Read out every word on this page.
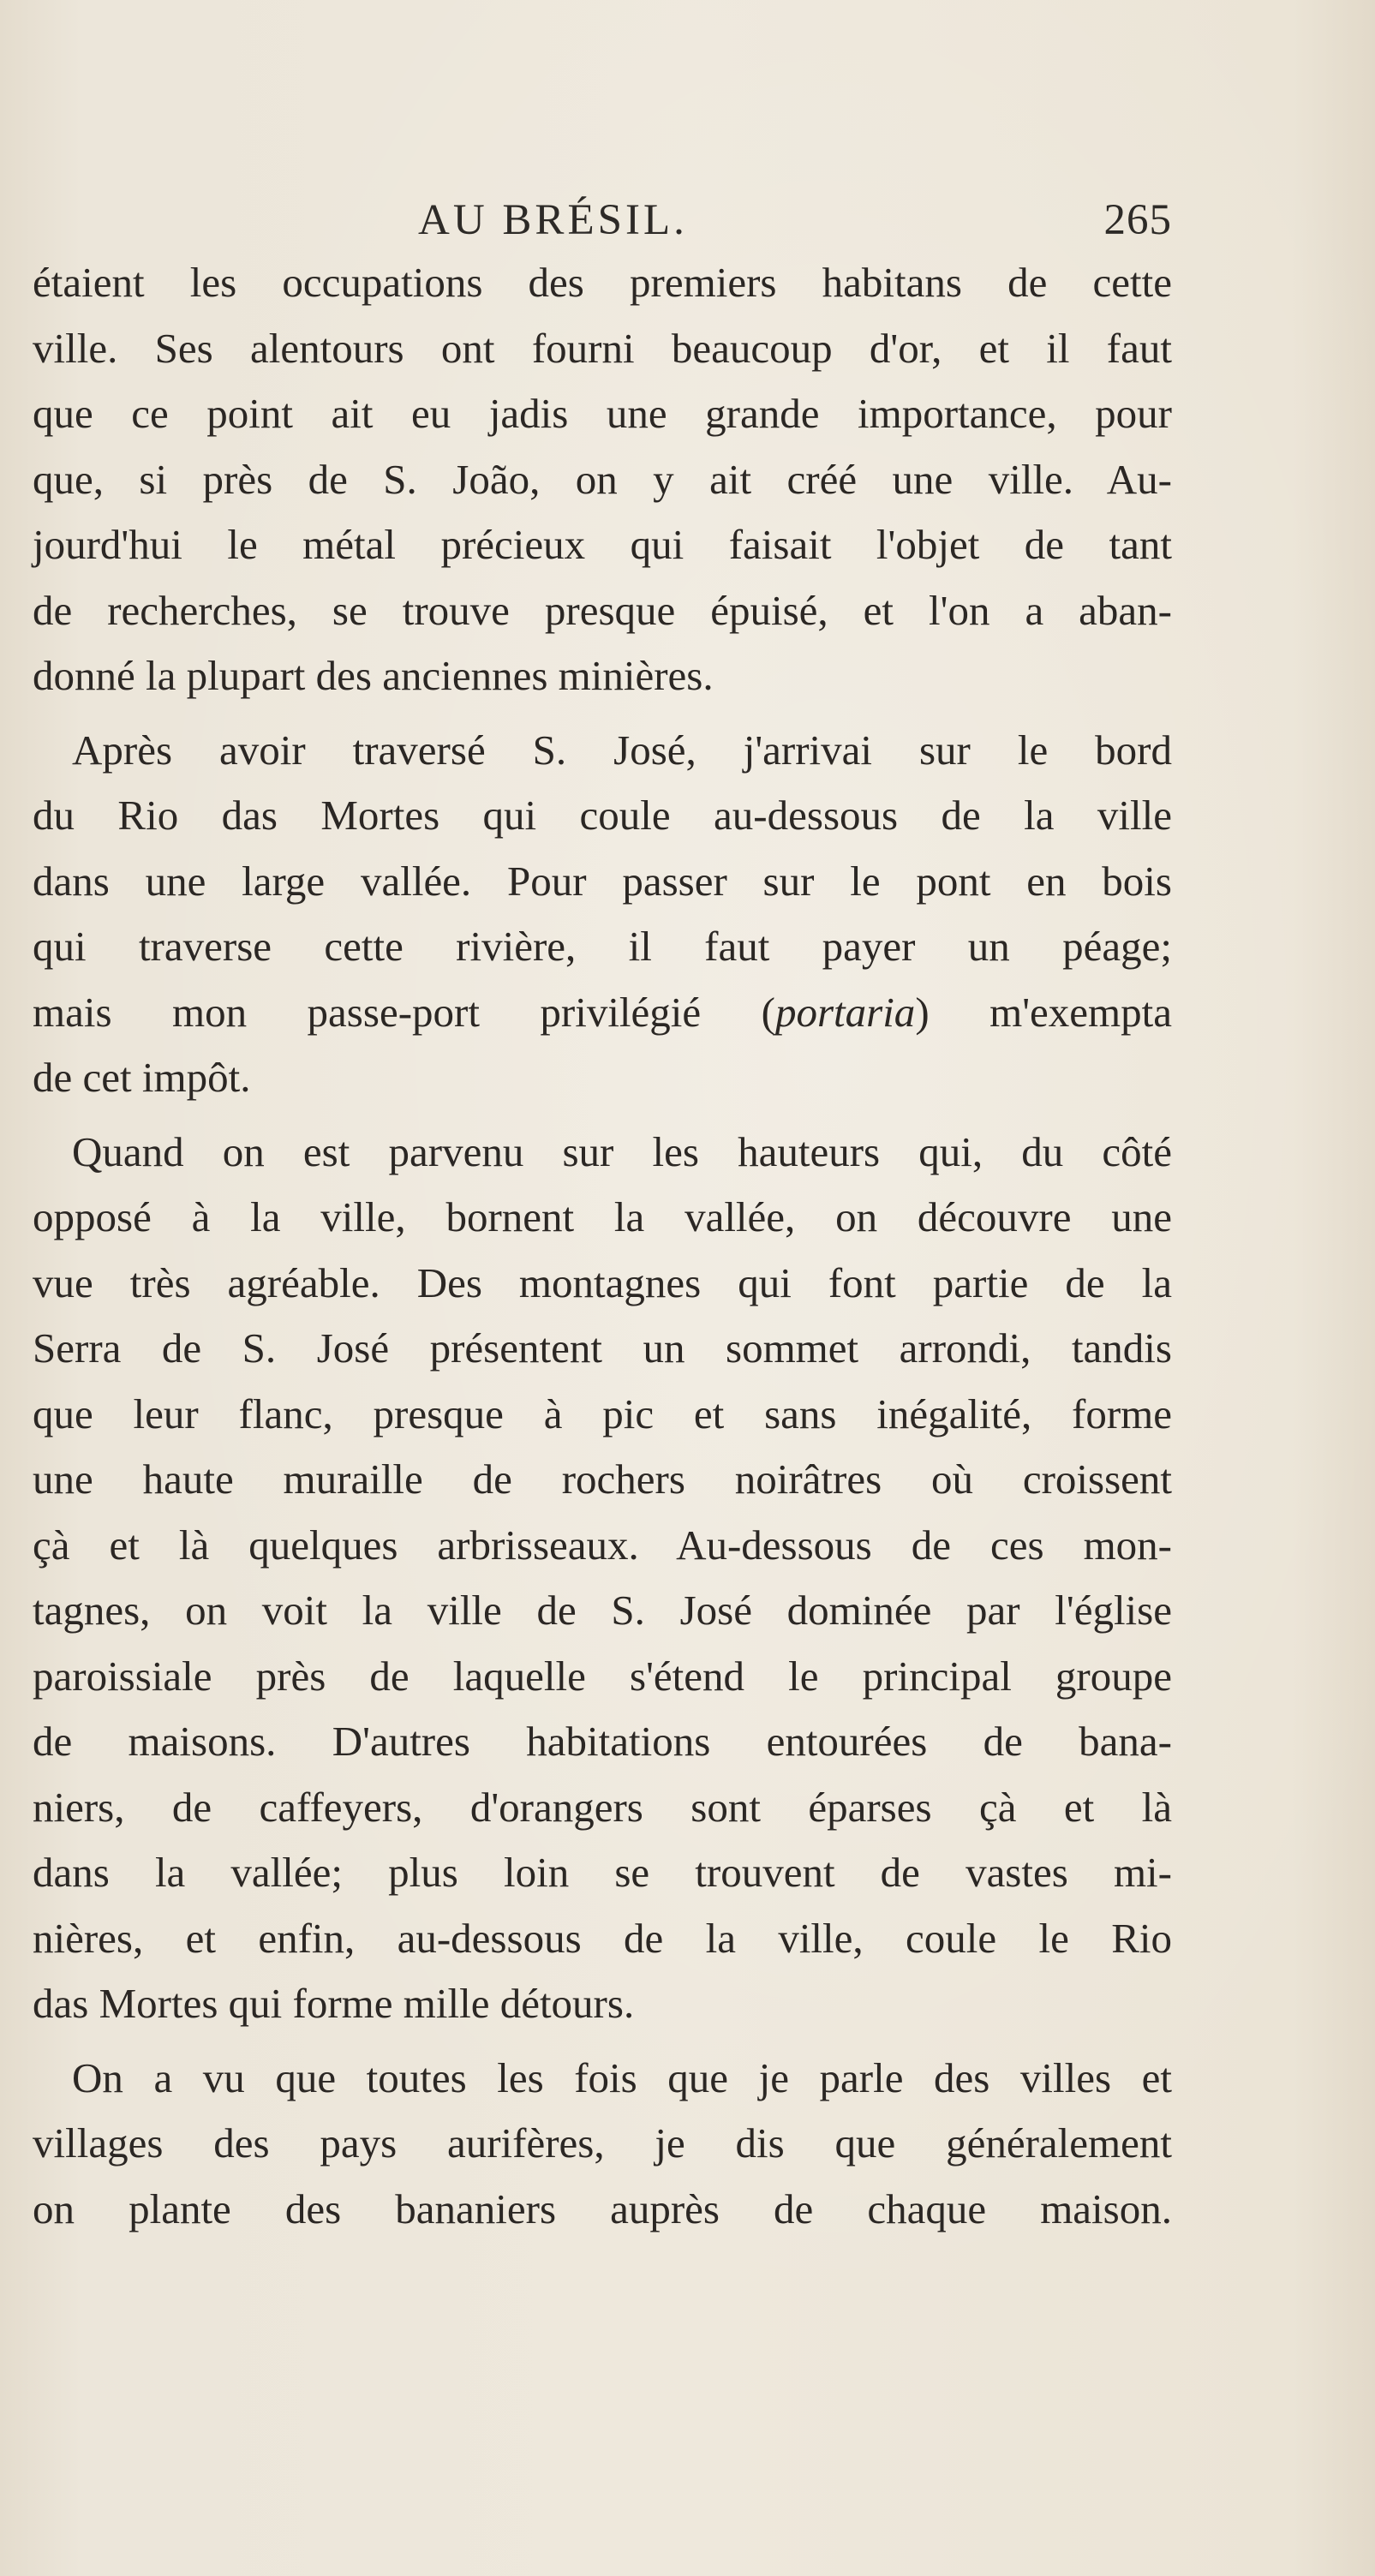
AU BRÉSIL.	265
étaient les occupations des premiers habitans de cette
ville. Ses alentours ont fourni beaucoup d'or, et il faut
que ce point ait eu jadis une grande importance, pour
que, si près de S. João, on y ait créé une ville. Au-
jourd'hui le métal précieux qui faisait l'objet de tant
de recherches, se trouve presque épuisé, et l'on a aban-
donné la plupart des anciennes minières.
Après avoir traversé S. José, j'arrivai sur le bord
du Rio das Mortes qui coule au-dessous de la ville
dans une large vallée. Pour passer sur le pont en bois
qui traverse cette rivière, il faut payer un péage;
mais mon passe-port privilégié (portaria) m'exempta
de cet impôt.
Quand on est parvenu sur les hauteurs qui, du côté
opposé à la ville, bornent la vallée, on découvre une
vue très agréable. Des montagnes qui font partie de la
Serra de S. José présentent un sommet arrondi, tandis
que leur flanc, presque à pic et sans inégalité, forme
une haute muraille de rochers noirâtres où croissent
çà et là quelques arbrisseaux. Au-dessous de ces mon-
tagnes, on voit la ville de S. José dominée par l'église
paroissiale près de laquelle s'étend le principal groupe
de maisons. D'autres habitations entourées de bana-
niers, de caffeyers, d'orangers sont éparses çà et là
dans la vallée; plus loin se trouvent de vastes mi-
nières, et enfin, au-dessous de la ville, coule le Rio
das Mortes qui forme mille détours.
On a vu que toutes les fois que je parle des villes et
villages des pays aurifères, je dis que généralement
on plante des bananiers auprès de chaque maison.
